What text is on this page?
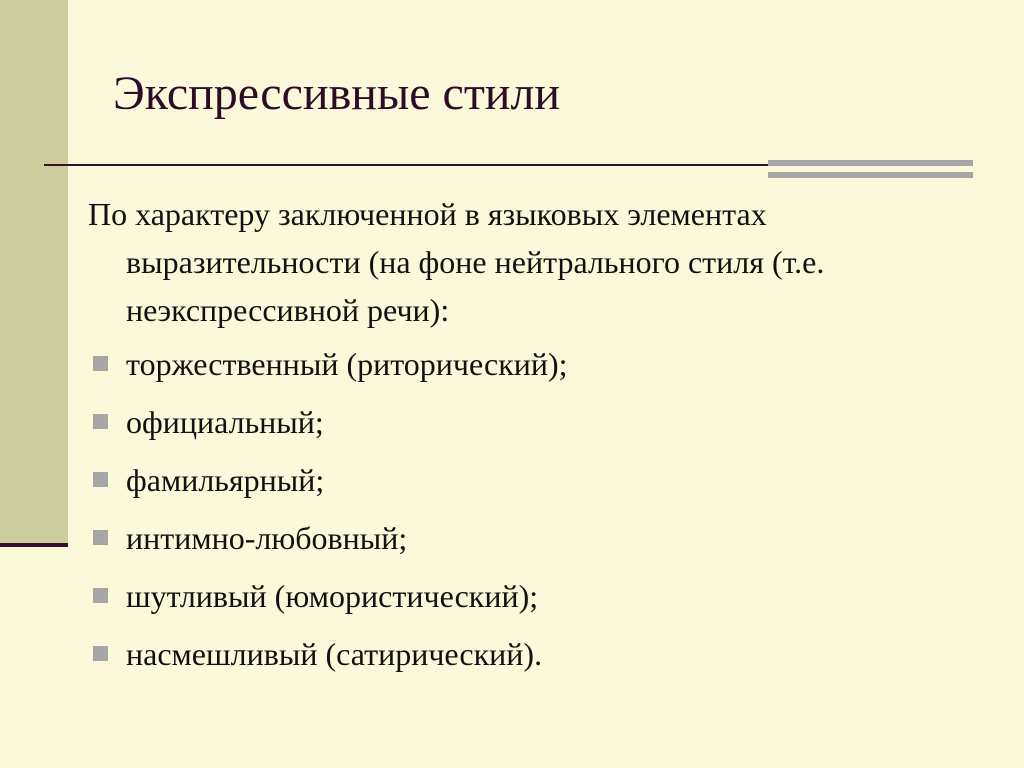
Экспрессивные стили

По характеру заключенной в языковых элементах выразительности (на фоне нейтрального стиля (т.е. неэкспрессивной речи):

торжественный (риторический);
официальный;
фамильярный;
интимно-любовный;
шутливый (юмористический);
насмешливый (сатирический).
